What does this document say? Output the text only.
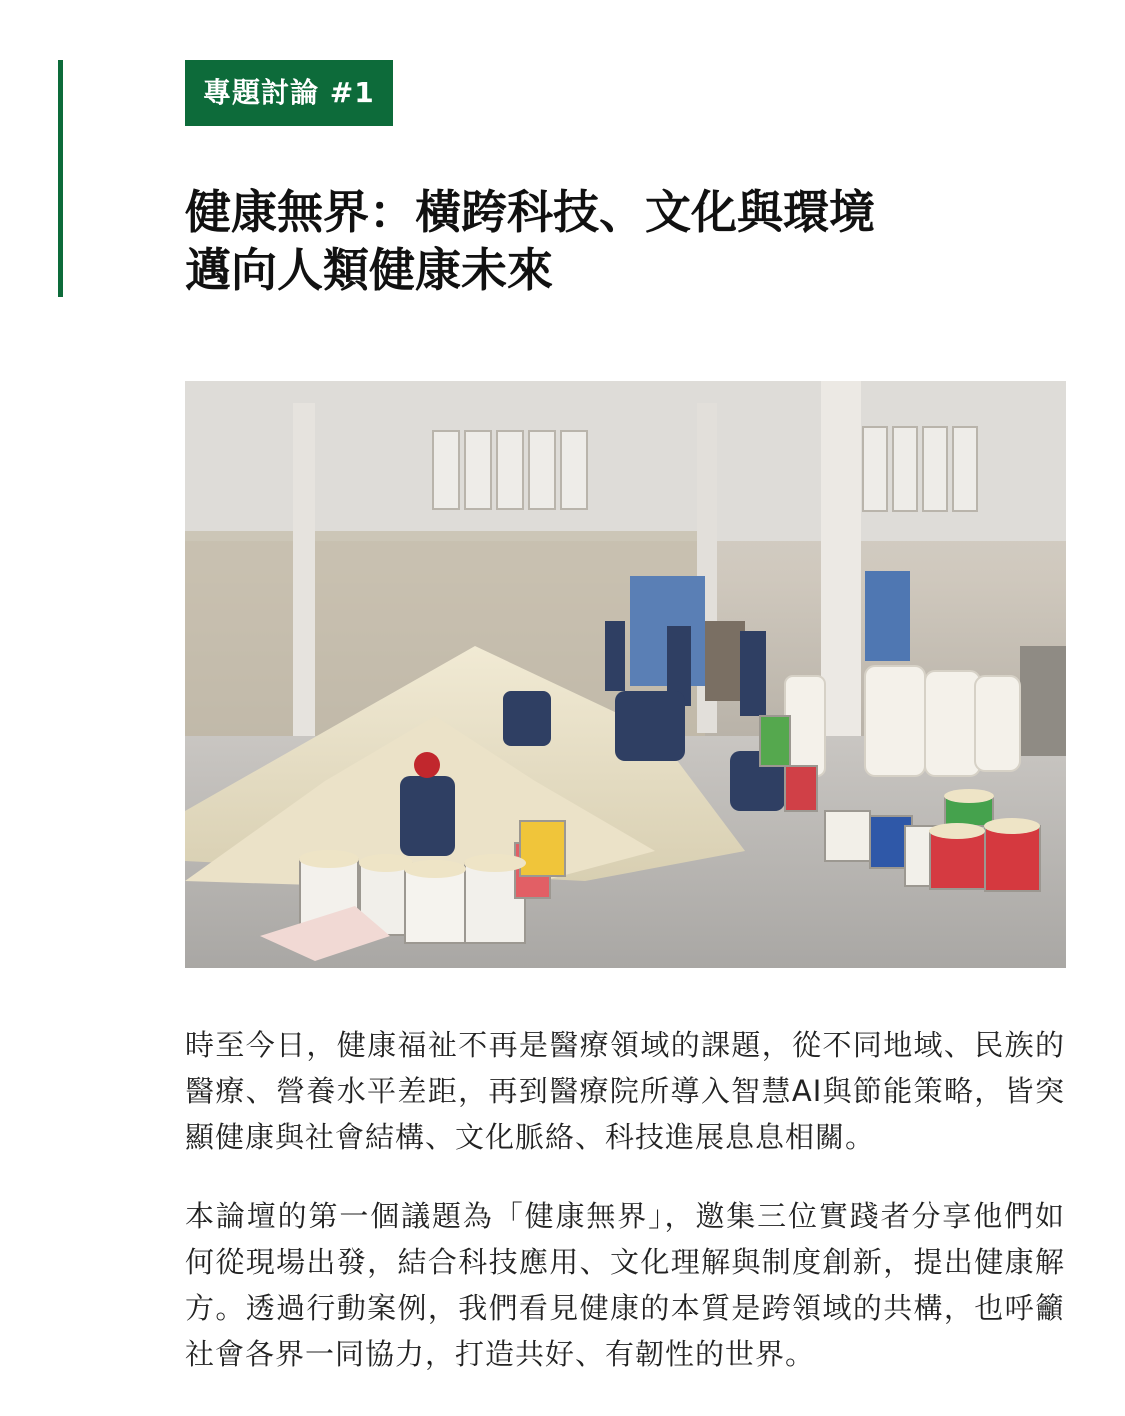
專題討論 #1
健康無界：橫跨科技、文化與環境
邁向人類健康未來

時至今日，健康福祉不再是醫療領域的課題，從不同地域、民族的醫療、營養水平差距，再到醫療院所導入智慧AI與節能策略，皆突顯健康與社會結構、文化脈絡、科技進展息息相關。

本論壇的第一個議題為「健康無界」，邀集三位實踐者分享他們如何從現場出發，結合科技應用、文化理解與制度創新，提出健康解方。透過行動案例，我們看見健康的本質是跨領域的共構，也呼籲社會各界一同協力，打造共好、有韌性的世界。
